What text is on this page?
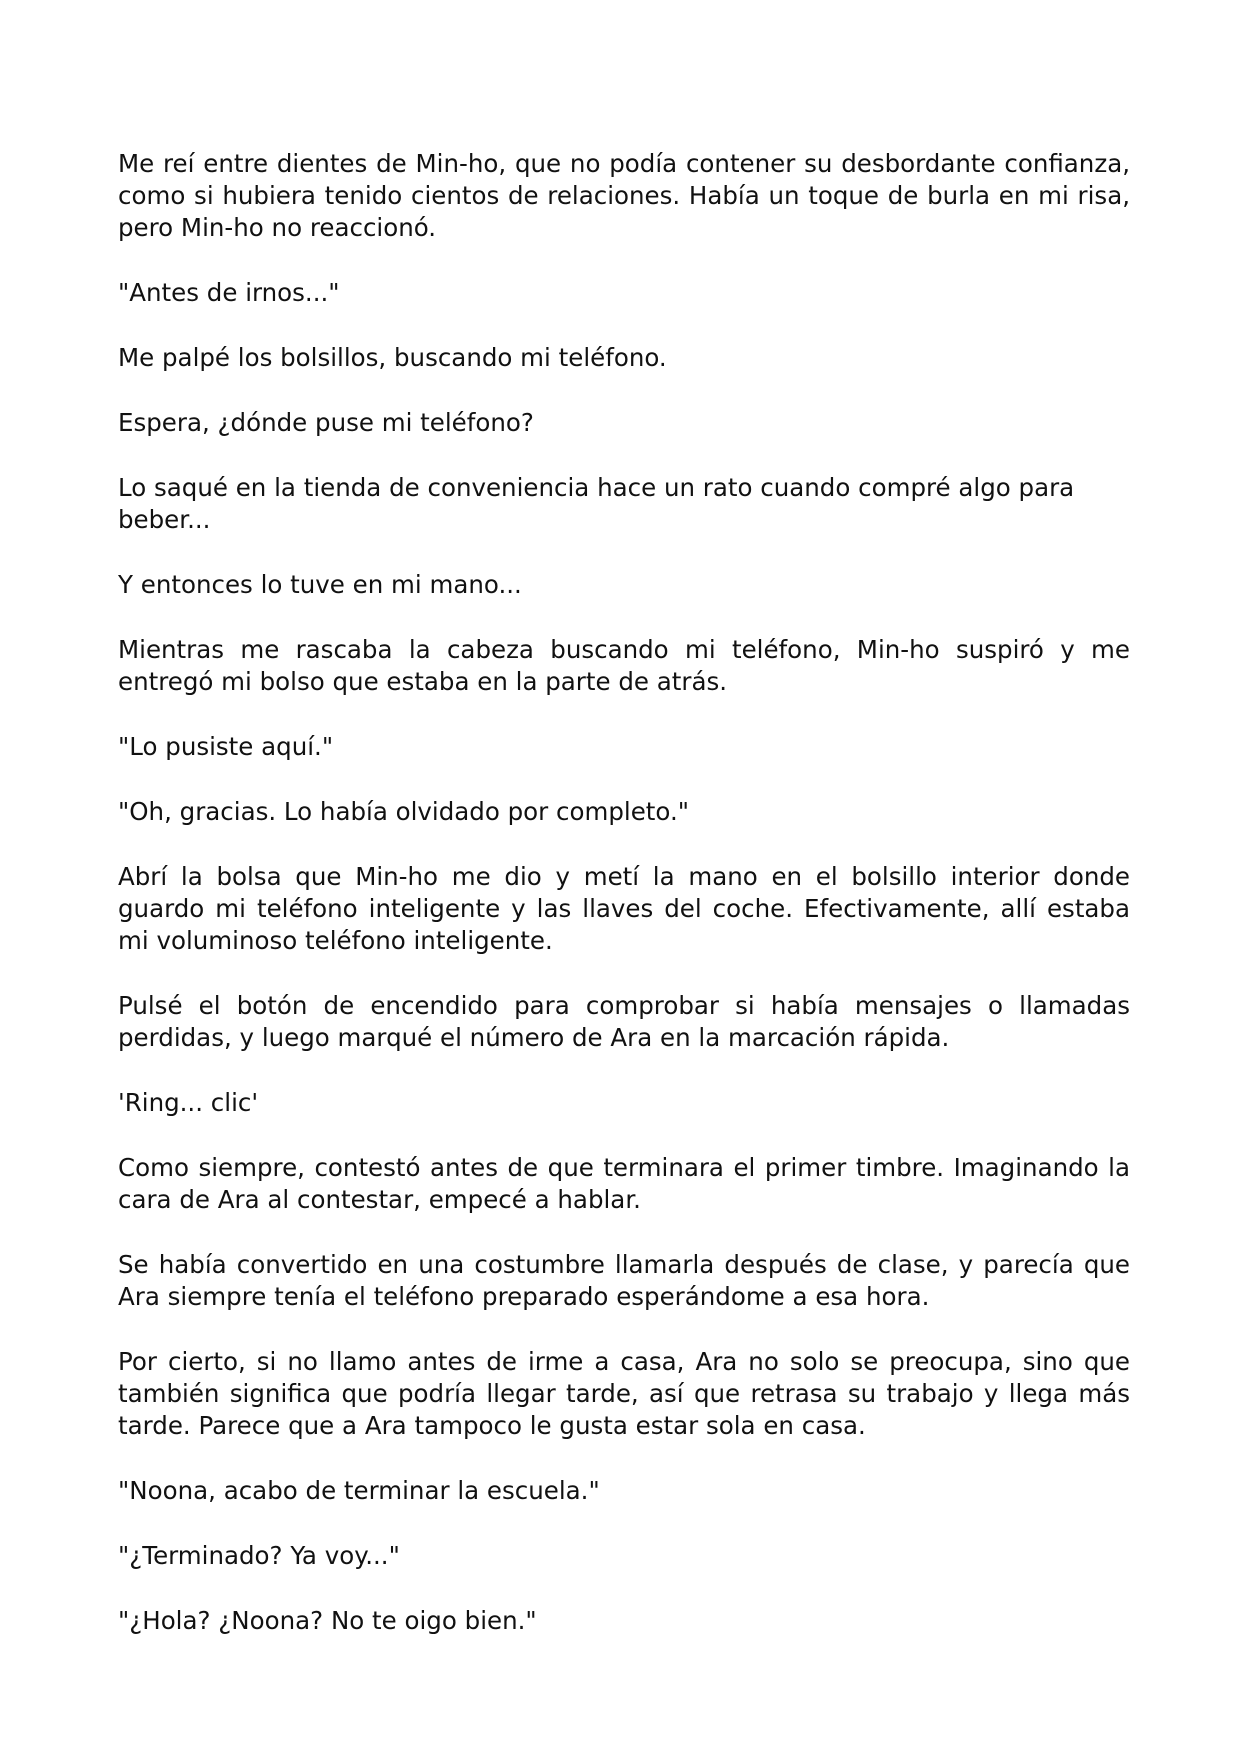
Me reí entre dientes de Min-ho, que no podía contener su desbordante confianza, como si hubiera tenido cientos de relaciones. Había un toque de burla en mi risa, pero Min-ho no reaccionó.

"Antes de irnos..."

Me palpé los bolsillos, buscando mi teléfono.

Espera, ¿dónde puse mi teléfono?

Lo saqué en la tienda de conveniencia hace un rato cuando compré algo para beber...

Y entonces lo tuve en mi mano...

Mientras me rascaba la cabeza buscando mi teléfono, Min-ho suspiró y me entregó mi bolso que estaba en la parte de atrás.

"Lo pusiste aquí."

"Oh, gracias. Lo había olvidado por completo."

Abrí la bolsa que Min-ho me dio y metí la mano en el bolsillo interior donde guardo mi teléfono inteligente y las llaves del coche. Efectivamente, allí estaba mi voluminoso teléfono inteligente.

Pulsé el botón de encendido para comprobar si había mensajes o llamadas perdidas, y luego marqué el número de Ara en la marcación rápida.

'Ring... clic'

Como siempre, contestó antes de que terminara el primer timbre. Imaginando la cara de Ara al contestar, empecé a hablar.

Se había convertido en una costumbre llamarla después de clase, y parecía que Ara siempre tenía el teléfono preparado esperándome a esa hora.

Por cierto, si no llamo antes de irme a casa, Ara no solo se preocupa, sino que también significa que podría llegar tarde, así que retrasa su trabajo y llega más tarde. Parece que a Ara tampoco le gusta estar sola en casa.

"Noona, acabo de terminar la escuela."

"¿Terminado? Ya voy..."

"¿Hola? ¿Noona? No te oigo bien."
